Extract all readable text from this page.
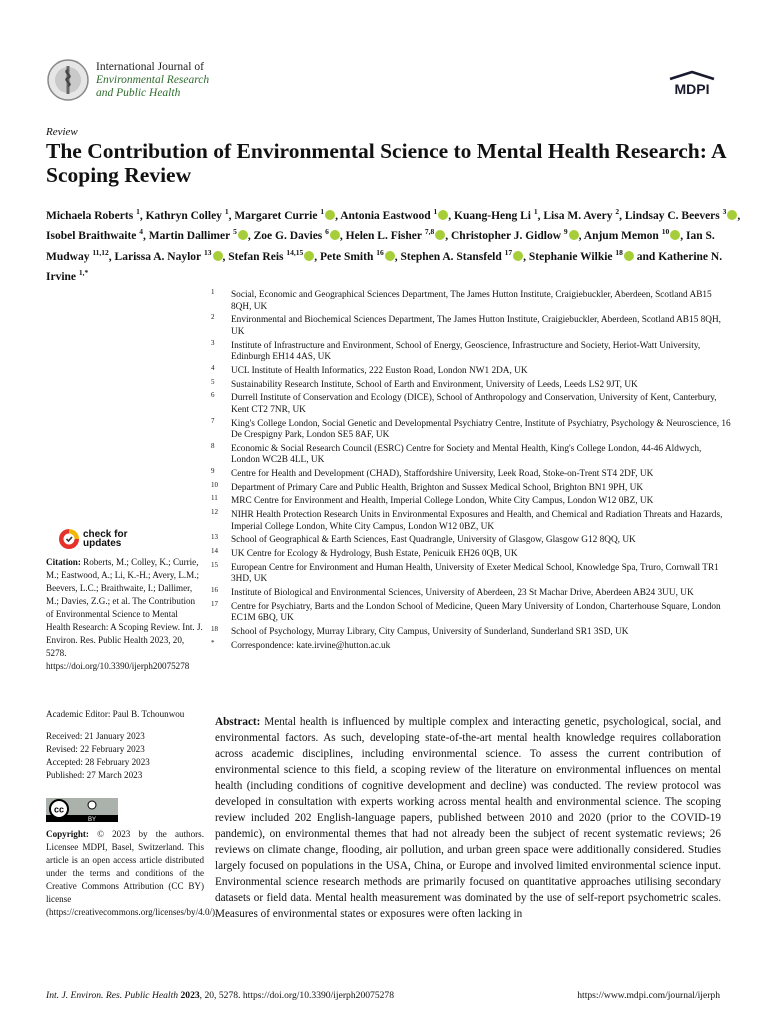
International Journal of
Environmental Research
and Public Health	MDPI
Review
The Contribution of Environmental Science to Mental Health Research: A Scoping Review
Michaela Roberts $^1$, Kathryn Colley $^1$, Margaret Currie $^1$ , Antonia Eastwood $^1$ , Kuang-Heng Li $^1$, Lisa M. Avery $^2$, Lindsay C. Beevers $^3$ , Isobel Braithwaite $^4$, Martin Dallimer $^5$ , Zoe G. Davies $^6$ , Helen L. Fisher $^{7,8}$ , Christopher J. Gidlow $^9$ , Anjum Memon $^{10}$ , Ian S. Mudway $^{11,12}$, Larissa A. Naylor $^{13}$ , Stefan Reis $^{14,15}$ , Pete Smith $^{16}$ , Stephen A. Stansfeld $^{17}$ , Stephanie Wilkie $^{18}$ and Katherine N. Irvine $^{1,*}$
1	Social, Economic and Geographical Sciences Department, The James Hutton Institute, Craigiebuckler, Aberdeen, Scotland AB15 8QH, UK
2	Environmental and Biochemical Sciences Department, The James Hutton Institute, Craigiebuckler, Aberdeen, Scotland AB15 8QH, UK
3	Institute of Infrastructure and Environment, School of Energy, Geoscience, Infrastructure and Society, Heriot-Watt University, Edinburgh EH14 4AS, UK
4	UCL Institute of Health Informatics, 222 Euston Road, London NW1 2DA, UK
5	Sustainability Research Institute, School of Earth and Environment, University of Leeds, Leeds LS2 9JT, UK
6	Durrell Institute of Conservation and Ecology (DICE), School of Anthropology and Conservation, University of Kent, Canterbury, Kent CT2 7NR, UK
7	King's College London, Social Genetic and Developmental Psychiatry Centre, Institute of Psychiatry, Psychology & Neuroscience, 16 De Crespigny Park, London SE5 8AF, UK
8	Economic & Social Research Council (ESRC) Centre for Society and Mental Health, King's College London, 44-46 Aldwych, London WC2B 4LL, UK
9	Centre for Health and Development (CHAD), Staffordshire University, Leek Road, Stoke-on-Trent ST4 2DF, UK
10	Department of Primary Care and Public Health, Brighton and Sussex Medical School, Brighton BN1 9PH, UK
11	MRC Centre for Environment and Health, Imperial College London, White City Campus, London W12 0BZ, UK
12	NIHR Health Protection Research Units in Environmental Exposures and Health, and Chemical and Radiation Threats and Hazards, Imperial College London, White City Campus, London W12 0BZ, UK
13	School of Geographical & Earth Sciences, East Quadrangle, University of Glasgow, Glasgow G12 8QQ, UK
14	UK Centre for Ecology & Hydrology, Bush Estate, Penicuik EH26 0QB, UK
15	European Centre for Environment and Human Health, University of Exeter Medical School, Knowledge Spa, Truro, Cornwall TR1 3HD, UK
16	Institute of Biological and Environmental Sciences, University of Aberdeen, 23 St Machar Drive, Aberdeen AB24 3UU, UK
17	Centre for Psychiatry, Barts and the London School of Medicine, Queen Mary University of London, Charterhouse Square, London EC1M 6BQ, UK
18	School of Psychology, Murray Library, City Campus, University of Sunderland, Sunderland SR1 3SD, UK
*	Correspondence: kate.irvine@hutton.ac.uk
check for
updates
Citation: Roberts, M.; Colley, K.; Currie, M.; Eastwood, A.; Li, K.-H.; Avery, L.M.; Beevers, L.C.; Braithwaite, I.; Dallimer, M.; Davies, Z.G.; et al. The Contribution of Environmental Science to Mental Health Research: A Scoping Review. Int. J. Environ. Res. Public Health 2023, 20, 5278. https://doi.org/10.3390/ijerph20075278
Academic Editor: Paul B. Tchounwou
Received: 21 January 2023
Revised: 22 February 2023
Accepted: 28 February 2023
Published: 27 March 2023
cc
BY
Copyright: © 2023 by the authors. Licensee MDPI, Basel, Switzerland. This article is an open access article distributed under the terms and conditions of the Creative Commons Attribution (CC BY) license (https://creativecommons.org/licenses/by/4.0/).
Abstract: Mental health is influenced by multiple complex and interacting genetic, psychological, social, and environmental factors. As such, developing state-of-the-art mental health knowledge requires collaboration across academic disciplines, including environmental science. To assess the current contribution of environmental science to this field, a scoping review of the literature on environmental influences on mental health (including conditions of cognitive development and decline) was conducted. The review protocol was developed in consultation with experts working across mental health and environmental science. The scoping review included 202 English-language papers, published between 2010 and 2020 (prior to the COVID-19 pandemic), on environmental themes that had not already been the subject of recent systematic reviews; 26 reviews on climate change, flooding, air pollution, and urban green space were additionally considered. Studies largely focused on populations in the USA, China, or Europe and involved limited environmental science input. Environmental science research methods are primarily focused on quantitative approaches utilising secondary datasets or field data. Mental health measurement was dominated by the use of self-report psychometric scales. Measures of environmental states or exposures were often lacking in
Int. J. Environ. Res. Public Health 2023, 20, 5278. https://doi.org/10.3390/ijerph20075278	https://www.mdpi.com/journal/ijerph
